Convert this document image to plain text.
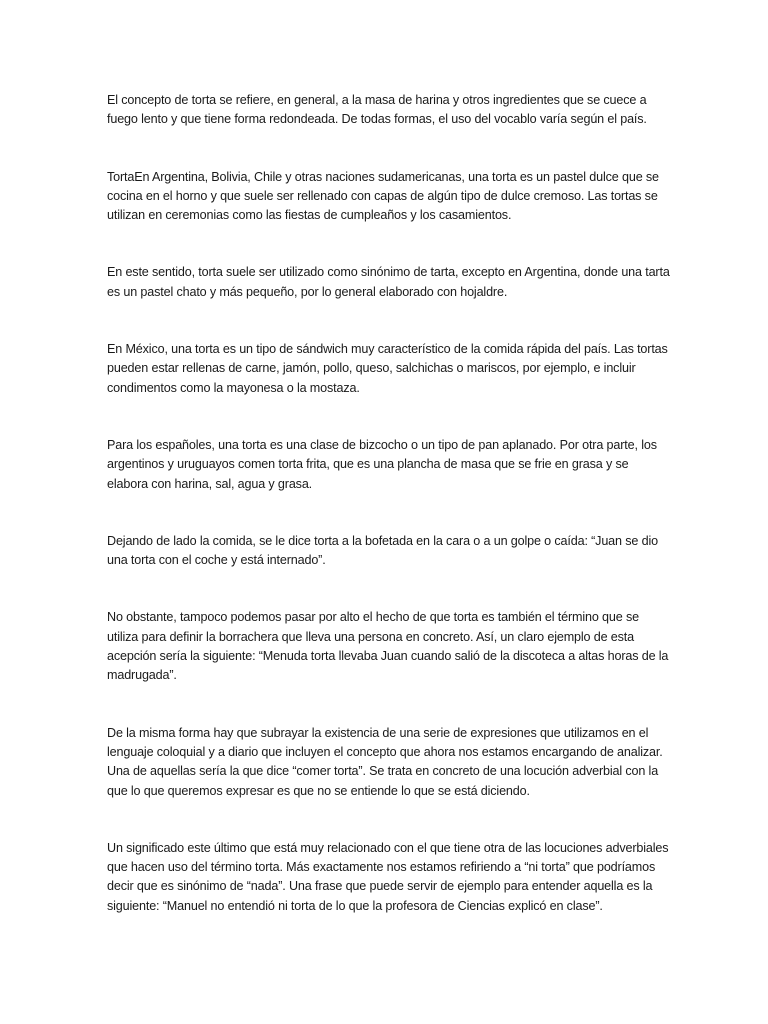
El concepto de torta se refiere, en general, a la masa de harina y otros ingredientes que se cuece a fuego lento y que tiene forma redondeada. De todas formas, el uso del vocablo varía según el país.

TortaEn Argentina, Bolivia, Chile y otras naciones sudamericanas, una torta es un pastel dulce que se cocina en el horno y que suele ser rellenado con capas de algún tipo de dulce cremoso. Las tortas se utilizan en ceremonias como las fiestas de cumpleaños y los casamientos.

En este sentido, torta suele ser utilizado como sinónimo de tarta, excepto en Argentina, donde una tarta es un pastel chato y más pequeño, por lo general elaborado con hojaldre.

En México, una torta es un tipo de sándwich muy característico de la comida rápida del país. Las tortas pueden estar rellenas de carne, jamón, pollo, queso, salchichas o mariscos, por ejemplo, e incluir condimentos como la mayonesa o la mostaza.

Para los españoles, una torta es una clase de bizcocho o un tipo de pan aplanado. Por otra parte, los argentinos y uruguayos comen torta frita, que es una plancha de masa que se frie en grasa y se elabora con harina, sal, agua y grasa.

Dejando de lado la comida, se le dice torta a la bofetada en la cara o a un golpe o caída: “Juan se dio una torta con el coche y está internado”.

No obstante, tampoco podemos pasar por alto el hecho de que torta es también el término que se utiliza para definir la borrachera que lleva una persona en concreto. Así, un claro ejemplo de esta acepción sería la siguiente: “Menuda torta llevaba Juan cuando salió de la discoteca a altas horas de la madrugada”.

De la misma forma hay que subrayar la existencia de una serie de expresiones que utilizamos en el lenguaje coloquial y a diario que incluyen el concepto que ahora nos estamos encargando de analizar. Una de aquellas sería la que dice “comer torta”. Se trata en concreto de una locución adverbial con la que lo que queremos expresar es que no se entiende lo que se está diciendo.

Un significado este último que está muy relacionado con el que tiene otra de las locuciones adverbiales que hacen uso del término torta. Más exactamente nos estamos refiriendo a “ni torta” que podríamos decir que es sinónimo de “nada”. Una frase que puede servir de ejemplo para entender aquella es la siguiente: “Manuel no entendió ni torta de lo que la profesora de Ciencias explicó en clase”.
